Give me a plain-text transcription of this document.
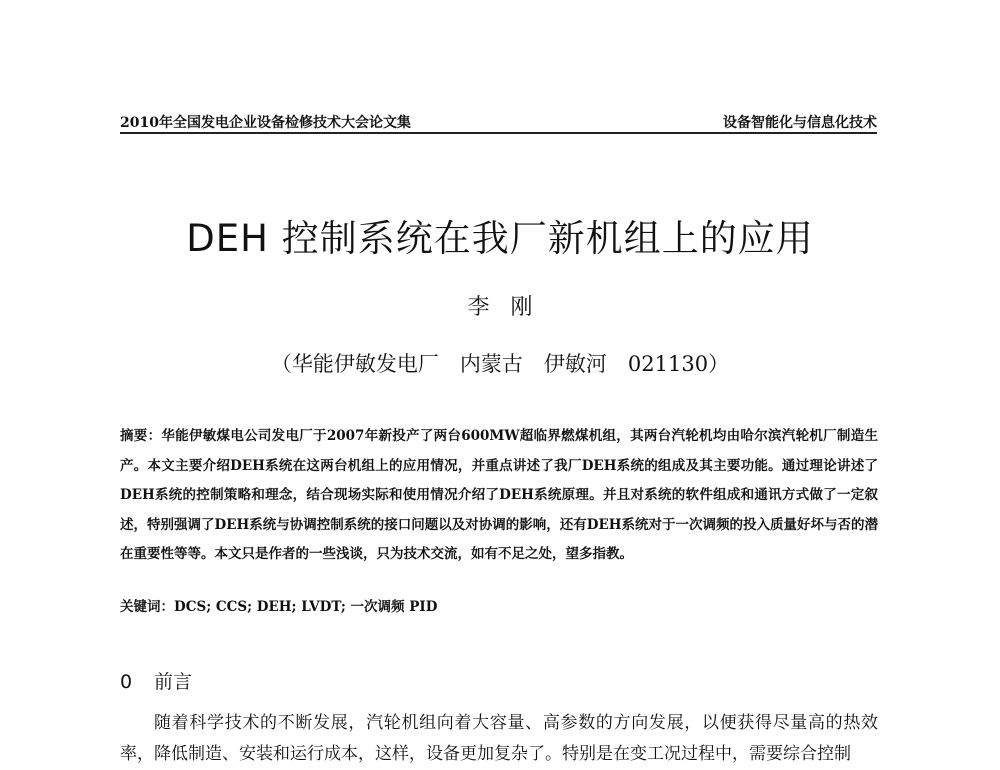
2010年全国发电企业设备检修技术大会论文集	设备智能化与信息化技术
DEH 控制系统在我厂新机组上的应用
李 刚
（华能伊敏发电厂　内蒙古　伊敏河　021130）
摘要：华能伊敏煤电公司发电厂于2007年新投产了两台600MW超临界燃煤机组，其两台汽轮机均由哈尔滨汽轮机厂制造生产。本文主要介绍DEH系统在这两台机组上的应用情况，并重点讲述了我厂DEH系统的组成及其主要功能。通过理论讲述了DEH系统的控制策略和理念，结合现场实际和使用情况介绍了DEH系统原理。并且对系统的软件组成和通讯方式做了一定叙述，特别强调了DEH系统与协调控制系统的接口问题以及对协调的影响，还有DEH系统对于一次调频的投入质量好坏与否的潜在重要性等等。本文只是作者的一些浅谈，只为技术交流，如有不足之处，望多指教。
关键词：DCS; CCS; DEH; LVDT; 一次调频 PID
0 前言
随着科学技术的不断发展，汽轮机组向着大容量、高参数的方向发展，以便获得尽量高的热效率，降低制造、安装和运行成本，这样，设备更加复杂了。特别是在变工况过程中，需要综合控制
